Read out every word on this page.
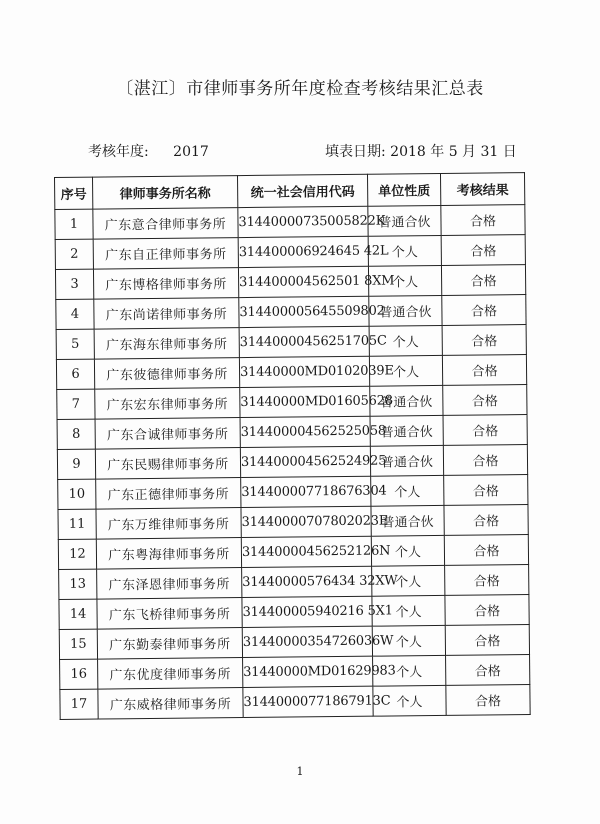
〔湛江〕市律师事务所年度检查考核结果汇总表
考核年度: 2017	填表日期: 2018 年 5 月 31 日
序号	律师事务所名称	统一社会信用代码	单位性质	考核结果
1	广东意合律师事务所	31440000735005822K	普通合伙	合格
2	广东自正律师事务所	314400006924645 42L	个人	合格
3	广东博格律师事务所	314400004562501 8XM	个人	合格
4	广东尚诺律师事务所	314400005645509802	普通合伙	合格
5	广东海东律师事务所	31440000456251705C	个人	合格
6	广东彼德律师事务所	31440000MD0102039E	个人	合格
7	广东宏东律师事务所	31440000MD01605628	普通合伙	合格
8	广东合诚律师事务所	314400004562525058	普通合伙	合格
9	广东民赐律师事务所	314400004562524925	普通合伙	合格
10	广东正德律师事务所	314400007718676304	个人	合格
11	广东万维律师事务所	31440000707802023E	普通合伙	合格
12	广东粤海律师事务所	31440000456252126N	个人	合格
13	广东泽恩律师事务所	31440000576434 32XW	个人	合格
14	广东飞桥律师事务所	314400005940216 5X1	个人	合格
15	广东勤泰律师事务所	31440000354726036W	个人	合格
16	广东优度律师事务所	31440000MD01629983	个人	合格
17	广东威格律师事务所	31440000771867913C	个人	合格
1
